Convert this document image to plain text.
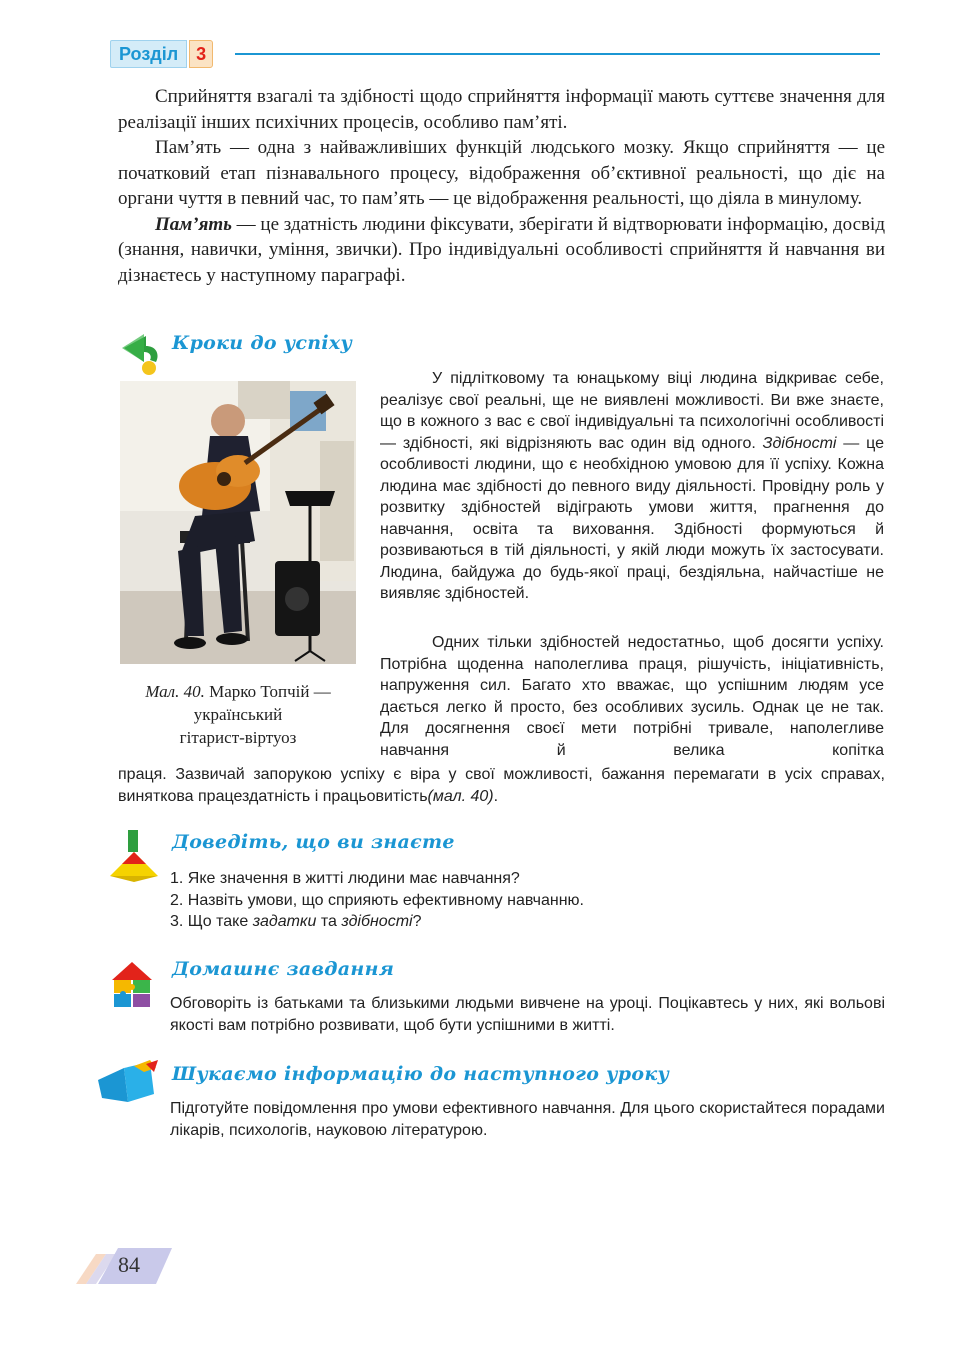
Розділ 3

Сприйняття взагалі та здібності щодо сприйняття інформації мають суттєве значення для реалізації інших психічних процесів, особливо пам’яті.

Пам’ять — одна з найважливіших функцій людського мозку. Якщо сприйняття — це початковий етап пізнавального процесу, відображення об’єктивної реальності, що діє на органи чуття в певний час, то пам’ять — це відображення реальності, що діяла в минулому.

Пам’ять — це здатність людини фіксувати, зберігати й відтворювати інформацію, досвід (знання, навички, уміння, звички). Про індивідуальні особливості сприйняття й навчання ви дізнаєтесь у наступному параграфі.

Кроки до успіху
Мал. 40. Марко Топчій —
український
гітарист-віртуоз
У підлітковому та юнацькому віці людина відкриває себе, реалізує свої реальні, ще не виявлені можливості. Ви вже знаєте, що в кожного з вас є свої індивідуальні та психологічні особливості — здібності, які відрізняють вас один від одного. Здібності — це особливості людини, що є необхідною умовою для її успіху. Кожна людина має здібності до певного виду діяльності. Провідну роль у розвитку здібностей відіграють умови життя, прагнення до навчання, освіта та виховання. Здібності формуються й розвиваються в тій діяльності, у якій люди можуть їх застосувати. Людина, байдужа до будь-якої праці, бездіяльна, найчастіше не виявляє здібностей.
Одних тільки здібностей недостатньо, щоб досягти успіху. Потрібна щоденна наполеглива праця, рішучість, ініціативність, напруження сил. Багато хто вважає, що успішним людям усе дається легко й просто, без особливих зусиль. Однак це не так. Для досягнення своєї мети потрібні тривале, наполегливе навчання й велика копітка
праця. Зазвичай запорукою успіху є віра у свої можливості, бажання перемагати в усіх справах, виняткова працездатність і працьовитість(мал. 40).
Доведіть, що ви знаєте
1. Яке значення в житті людини має навчання?
2. Назвіть умови, що сприяють ефективному навчанню.
3. Що таке задатки та здібності?
Домашнє завдання
Обговоріть із батьками та близькими людьми вивчене на уроці. Поцікавтесь у них, які вольові якості вам потрібно розвивати, щоб бути успішними в житті.
Шукаємо інформацію до наступного уроку
Підготуйте повідомлення про умови ефективного навчання. Для цього скористайтеся порадами лікарів, психологів, науковою літературою.
84
